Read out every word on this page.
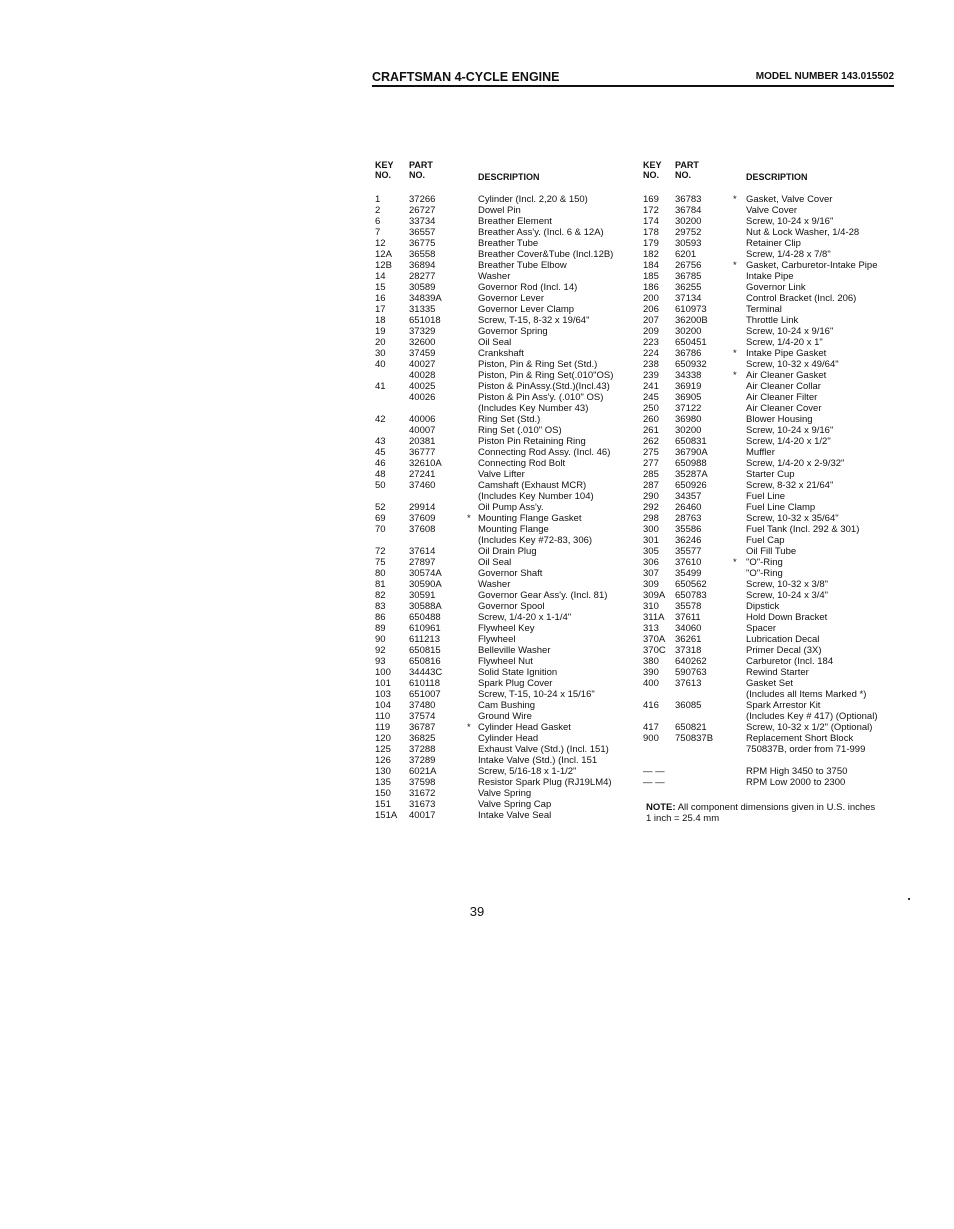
CRAFTSMAN 4-CYCLE ENGINE	MODEL NUMBER 143.015502
KEY
NO.
PART
NO.	DESCRIPTION
1	37266	Cylinder (Incl. 2,20 & 150)
2	26727	Dowel Pin
6	33734	Breather Element
7	36557	Breather Ass'y. (Incl. 6 & 12A)
12 36775	Breather Tube
12A 36558	Breather Cover&Tube (Incl.12B)
12B 36894	Breather Tube Elbow
14 28277	Washer
15 30589	Governor Rod (Incl. 14)
16 34839A	Governor Lever
17 31335	Governor Lever Clamp
18 651018	Screw, T-15, 8-32 x 19/64"
19 37329	Governor Spring
20 32600	Oil Seal
30 37459	Crankshaft
40 40027	Piston, Pin & Ring Set (Std.)
40028	Piston, Pin & Ring Set(.010"OS)
41 40025	Piston & PinAssy.(Std.)(Incl.43)
40026	Piston & Pin Ass'y. (.010" OS)
(Includes Key Number 43)
42 40006	Ring Set (Std.)
40007	Ring Set (.010" OS)
43 20381	Piston Pin Retaining Ring
45 36777	Connecting Rod Assy. (Incl. 46)
46 32610A	Connecting Rod Bolt
48 27241	Valve Lifter
50 37460	Camshaft (Exhaust MCR)
(Includes Key Number 104)
52 29914	Oil Pump Ass'y.
69 37609	* Mounting Flange Gasket
70 37608	Mounting Flange
(Includes Key #72-83, 306)
72 37614	Oil Drain Plug
75 27897	Oil Seal
80 30574A	Governor Shaft
81 30590A	Washer
82 30591	Governor Gear Ass'y. (Incl. 81)
83 30588A	Governor Spool
86 650488	Screw, 1/4-20 x 1-1/4"
89 610961	Flywheel Key
90 611213	Flywheel
92 650815	Belleville Washer
93 650816	Flywheel Nut
100 34443C	Solid State Ignition
101 610118	Spark Plug Cover
103 651007	Screw, T-15, 10-24 x 15/16"
104 37480	Cam Bushing
110 37574	Ground Wire
119 36787	* Cylinder Head Gasket
120 36825	Cylinder Head
125 37288	Exhaust Valve (Std.) (Incl. 151)
126 37289	Intake Valve (Std.) (Incl. 151
130 6021A	Screw, 5/16-18 x 1-1/2"
135 37598	Resistor Spark Plug (RJ19LM4)
150 31672	Valve Spring
151 31673	Valve Spring Cap
151A 40017	Intake Valve Seal
KEY
NO.
PART
NO.	DESCRIPTION
169 36783	* Gasket, Valve Cover
172 36784	Valve Cover
174 30200	Screw, 10-24 x 9/16"
178 29752	Nut & Lock Washer, 1/4-28
179 30593	Retainer Clip
182 6201	Screw, 1/4-28 x 7/8"
184 26756	* Gasket, Carburetor-Intake Pipe
185 36785	Intake Pipe
186 36255	Governor Link
200 37134	Control Bracket (Incl. 206)
206 610973	Terminal
207 36200B	Throttle Link
209 30200	Screw, 10-24 x 9/16"
223 650451	Screw, 1/4-20 x 1"
224 36786	* Intake Pipe Gasket
238 650932	Screw, 10-32 x 49/64"
239 34338	* Air Cleaner Gasket
241 36919	Air Cleaner Collar
245 36905	Air Cleaner Filter
250 37122	Air Cleaner Cover
260 36980	Blower Housing
261 30200	Screw, 10-24 x 9/16"
262 650831	Screw, 1/4-20 x 1/2"
275 36790A	Muffler
277 650988	Screw, 1/4-20 x 2-9/32"
285 35287A	Starter Cup
287 650926	Screw, 8-32 x 21/64"
290 34357	Fuel Line
292 26460	Fuel Line Clamp
298 28763	Screw, 10-32 x 35/64"
300 35586	Fuel Tank (Incl. 292 & 301)
301 36246	Fuel Cap
305 35577	Oil Fill Tube
306 37610	* "O"-Ring
307 35499	"O"-Ring
309 650562	Screw, 10-32 x 3/8"
309A 650783	Screw, 10-24 x 3/4"
310 35578	Dipstick
311A 37611	Hold Down Bracket
313 34060	Spacer
370A 36261	Lubrication Decal
370C 37318	Primer Decal (3X)
380 640262	Carburetor (Incl. 184
390 590763	Rewind Starter
400 37613	Gasket Set
(Includes all Items Marked *)
416 36085	Spark Arrestor Kit
(Includes Key # 417) (Optional)
417 650821	Screw, 10-32 x 1/2" (Optional)
900 750837B	Replacement Short Block
750837B, order from 71-999
— —	RPM High 3450 to 3750
— —	RPM Low 2000 to 2300
NOTE: All component dimensions given in U.S. inches
1 inch = 25.4 mm
39
